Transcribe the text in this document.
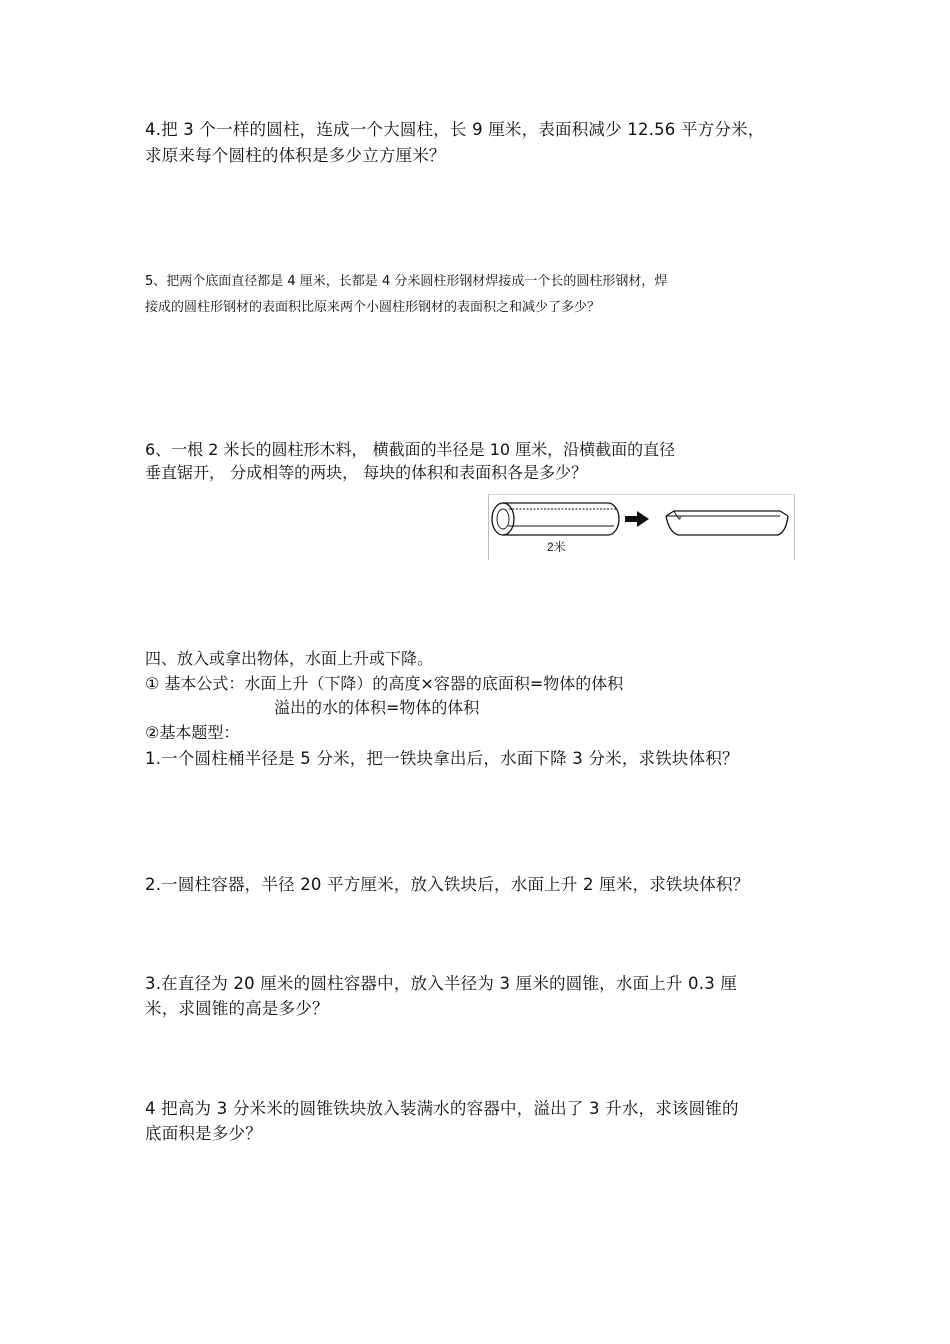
4.把 3 个一样的圆柱，连成一个大圆柱，长 9 厘米，表面积减少 12.56 平方分米，
求原来每个圆柱的体积是多少立方厘米？
5、把两个底面直径都是 4 厘米，长都是 4 分米圆柱形钢材焊接成一个长的圆柱形钢材，焊
接成的圆柱形钢材的表面积比原来两个小圆柱形钢材的表面积之和减少了多少？
6、一根 2 米长的圆柱形木料， 横截面的半径是 10 厘米，沿横截面的直径
垂直锯开， 分成相等的两块， 每块的体积和表面积各是多少？
2米
四、放入或拿出物体，水面上升或下降。
① 基本公式：水面上升（下降）的高度×容器的底面积=物体的体积
溢出的水的体积=物体的体积
②基本题型：
1.一个圆柱桶半径是 5 分米，把一铁块拿出后，水面下降 3 分米，求铁块体积？
2.一圆柱容器，半径 20 平方厘米，放入铁块后，水面上升 2 厘米，求铁块体积？
3.在直径为 20 厘米的圆柱容器中，放入半径为 3 厘米的圆锥，水面上升 0.3 厘
米，求圆锥的高是多少？
4 把高为 3 分米米的圆锥铁块放入装满水的容器中，溢出了 3 升水，求该圆锥的
底面积是多少？
